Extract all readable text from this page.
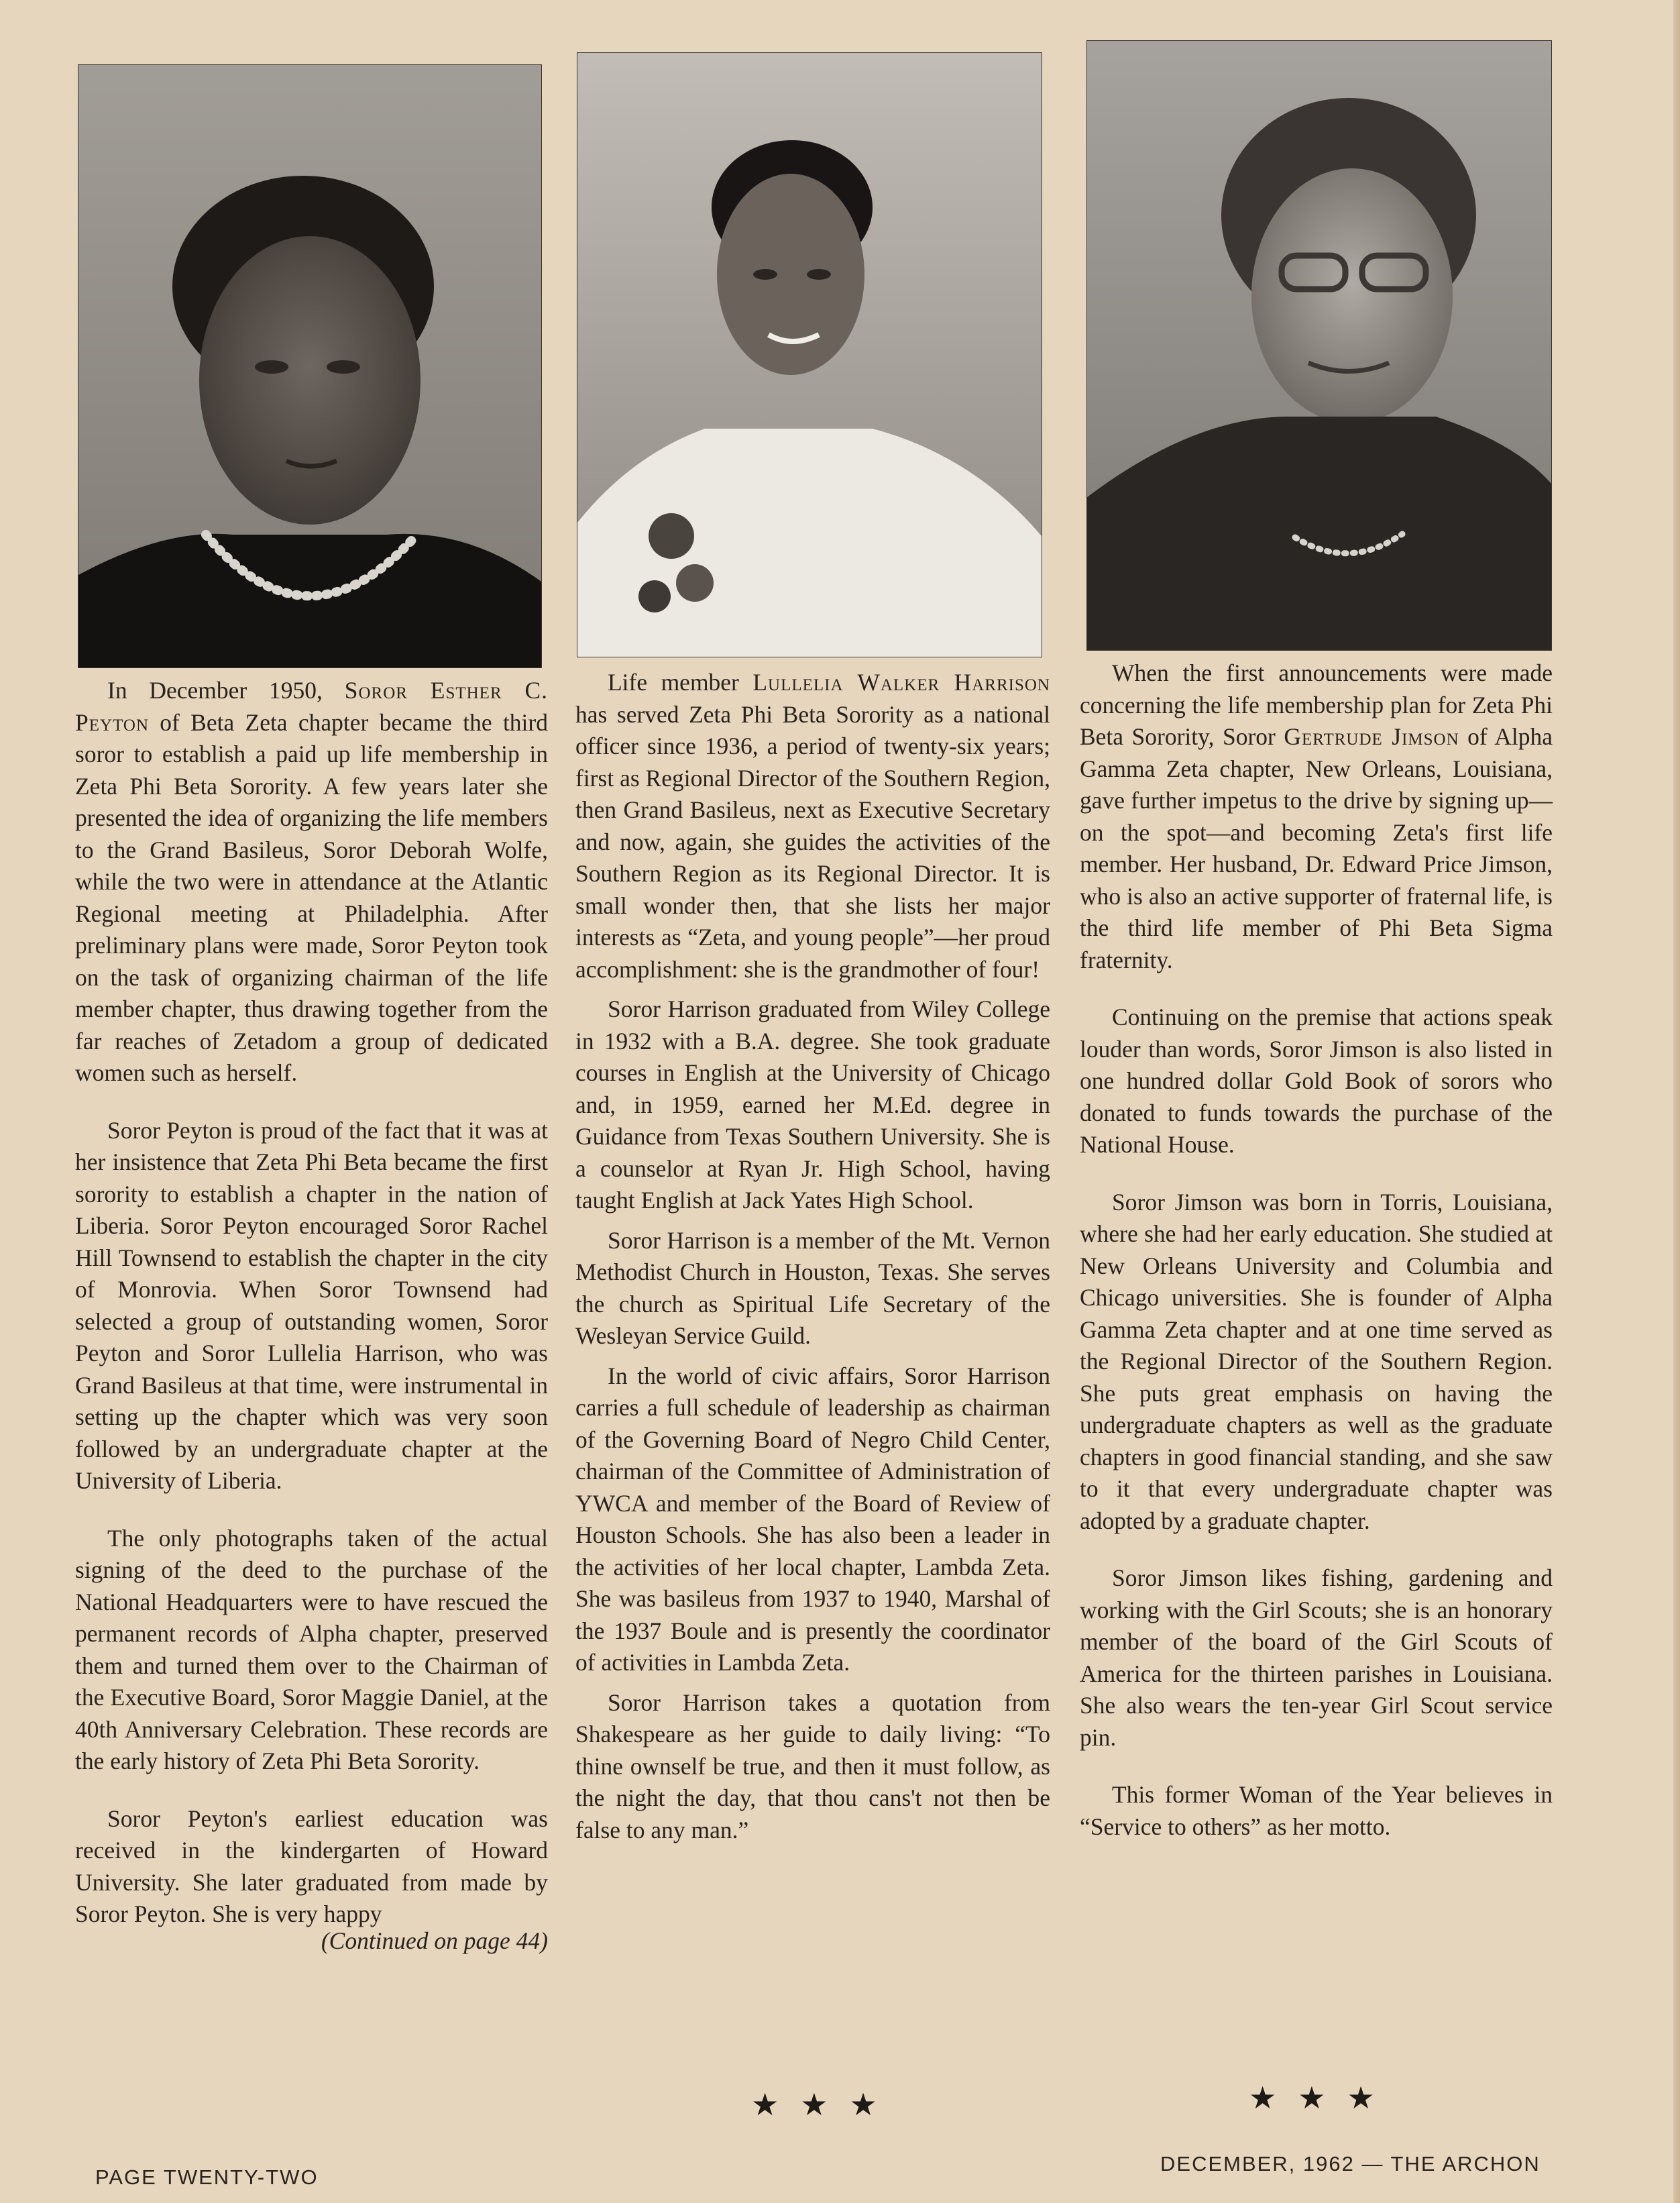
In December 1950, Soror Esther C. Peyton of Beta Zeta chapter became the third soror to establish a paid up life membership in Zeta Phi Beta Sorority. A few years later she presented the idea of organizing the life members to the Grand Basileus, Soror Deborah Wolfe, while the two were in attendance at the Atlantic Regional meeting at Philadelphia. After preliminary plans were made, Soror Peyton took on the task of organizing chairman of the life member chapter, thus drawing together from the far reaches of Zetadom a group of dedicated women such as herself.

Soror Peyton is proud of the fact that it was at her insistence that Zeta Phi Beta became the first sorority to establish a chapter in the nation of Liberia. Soror Peyton encouraged Soror Rachel Hill Townsend to establish the chapter in the city of Monrovia. When Soror Townsend had selected a group of outstanding women, Soror Peyton and Soror Lullelia Harrison, who was Grand Basileus at that time, were instrumental in setting up the chapter which was very soon followed by an undergraduate chapter at the University of Liberia.

The only photographs taken of the actual signing of the deed to the purchase of the National Headquarters were to have rescued the permanent records of Alpha chapter, preserved them and turned them over to the Chairman of the Executive Board, Soror Maggie Daniel, at the 40th Anniversary Celebration. These records are the early history of Zeta Phi Beta Sorority.

Soror Peyton's earliest education was received in the kindergarten of Howard University. She later graduated from made by Soror Peyton. She is very happy

(Continued on page 44)

Life member Lullelia Walker Harrison has served Zeta Phi Beta Sorority as a national officer since 1936, a period of twenty-six years; first as Regional Director of the Southern Region, then Grand Basileus, next as Executive Secretary and now, again, she guides the activities of the Southern Region as its Regional Director. It is small wonder then, that she lists her major interests as “Zeta, and young people”—her proud accomplishment: she is the grandmother of four!

Soror Harrison graduated from Wiley College in 1932 with a B.A. degree. She took graduate courses in English at the University of Chicago and, in 1959, earned her M.Ed. degree in Guidance from Texas Southern University. She is a counselor at Ryan Jr. High School, having taught English at Jack Yates High School.

Soror Harrison is a member of the Mt. Vernon Methodist Church in Houston, Texas. She serves the church as Spiritual Life Secretary of the Wesleyan Service Guild.

In the world of civic affairs, Soror Harrison carries a full schedule of leadership as chairman of the Governing Board of Negro Child Center, chairman of the Committee of Administration of YWCA and member of the Board of Review of Houston Schools. She has also been a leader in the activities of her local chapter, Lambda Zeta. She was basileus from 1937 to 1940, Marshal of the 1937 Boule and is presently the coordinator of activities in Lambda Zeta.

Soror Harrison takes a quotation from Shakespeare as her guide to daily living: “To thine ownself be true, and then it must follow, as the night the day, that thou cans't not then be false to any man.”

★★★

When the first announcements were made concerning the life membership plan for Zeta Phi Beta Sorority, Soror Gertrude Jimson of Alpha Gamma Zeta chapter, New Orleans, Louisiana, gave further impetus to the drive by signing up—on the spot—and becoming Zeta's first life member. Her husband, Dr. Edward Price Jimson, who is also an active supporter of fraternal life, is the third life member of Phi Beta Sigma fraternity.

Continuing on the premise that actions speak louder than words, Soror Jimson is also listed in one hundred dollar Gold Book of sorors who donated to funds towards the purchase of the National House.

Soror Jimson was born in Torris, Louisiana, where she had her early education. She studied at New Orleans University and Columbia and Chicago universities. She is founder of Alpha Gamma Zeta chapter and at one time served as the Regional Director of the Southern Region. She puts great emphasis on having the undergraduate chapters as well as the graduate chapters in good financial standing, and she saw to it that every undergraduate chapter was adopted by a graduate chapter.

Soror Jimson likes fishing, gardening and working with the Girl Scouts; she is an honorary member of the board of the Girl Scouts of America for the thirteen parishes in Louisiana. She also wears the ten-year Girl Scout service pin.

This former Woman of the Year believes in “Service to others” as her motto.

★★★
PAGE TWENTY-TWO
DECEMBER, 1962 — THE ARCHON
